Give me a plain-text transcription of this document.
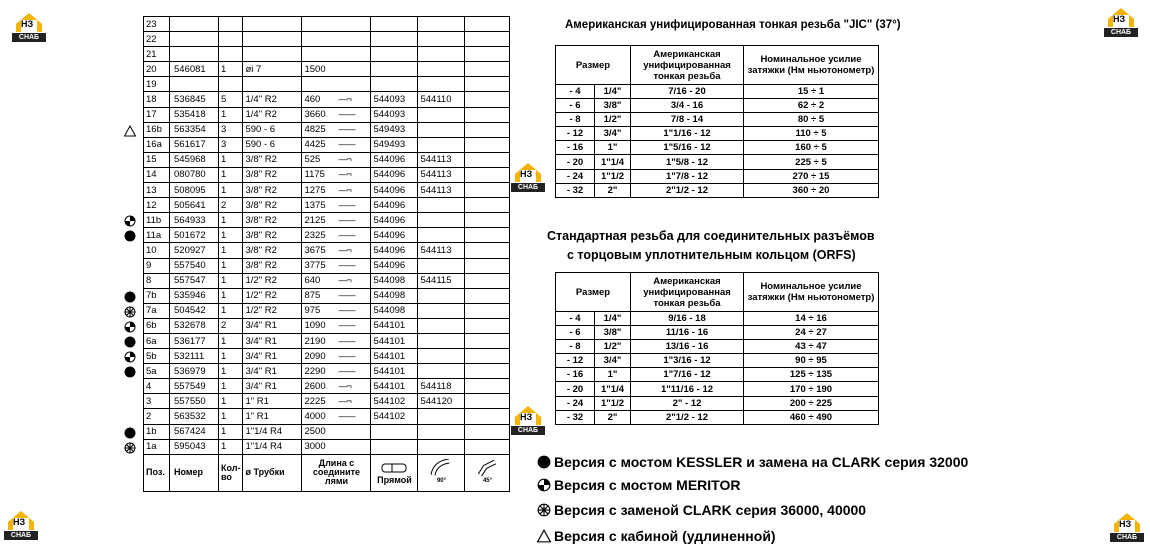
НЗ
СНАБ
НЗ
СНАБ
НЗ
СНАБ
НЗ
СНАБ
НЗ
СНАБ
НЗ
СНАБ
23							
22							
21							
20	546081	1	øi 7	1500			
19							
18	536845	5	1/4" R2	460 —¬	544093	544110	
17	535418	1	1/4" R2	3660 ——	544093		
16b	563354	3	590 - 6	4825 ——	549493		
16a	561617	3	590 - 6	4425 ——	549493		
15	545968	1	3/8" R2	525 —¬	544096	544113	
14	080780	1	3/8" R2	1175 —¬	544096	544113	
13	508095	1	3/8" R2	1275 —¬	544096	544113	
12	505641	2	3/8" R2	1375 ——	544096		
11b	564933	1	3/8" R2	2125 ——	544096		
11a	501672	1	3/8" R2	2325 ——	544096		
10	520927	1	3/8" R2	3675 —¬	544096	544113	
9	557540	1	3/8" R2	3775 ——	544096		
8	557547	1	1/2" R2	640 —¬	544098	544115	
7b	535946	1	1/2" R2	875 ——	544098		
7a	504542	1	1/2" R2	975 ——	544098		
6b	532678	2	3/4" R1	1090 ——	544101		
6a	536177	1	3/4" R1	2190 ——	544101		
5b	532111	1	3/4" R1	2090 ——	544101		
5a	536979	1	3/4" R1	2290 ——	544101		
4	557549	1	3/4" R1	2600 —¬	544101	544118	
3	557550	1	1" R1	2225 —¬	544102	544120	
2	563532	1	1" R1	4000 ——	544102		
1b	567424	1	1"1/4 R4	2500			
1a	595043	1	1"1/4 R4	3000			
Поз.	Номер	Кол-во	ø Трубки	Длина с соедините лями	Прямой	90°	45°
Американская унифицированная тонкая резьба "JIC" (37°)
Размер		Американская унифицированная тонкая резьба	Номинальное усилие затяжки (Нм ньютонометр)
- 4	1/4"	7/16 - 20	15 ÷ 1
- 6	3/8"	3/4 - 16	62 ÷ 2
- 8	1/2"	7/8 - 14	80 ÷ 5
- 12	3/4"	1"1/16 - 12	110 ÷ 5
- 16	1"	1"5/16 - 12	160 ÷ 5
- 20	1"1/4	1"5/8 - 12	225 ÷ 5
- 24	1"1/2	1"7/8 - 12	270 ÷ 15
- 32	2"	2"1/2 - 12	360 ÷ 20
Стандартная резьба для соединительных разъёмов
с торцовым уплотнительным кольцом (ORFS)
Размер		Американская унифицированная тонкая резьба	Номинальное усилие затяжки (Нм ньютонометр)
- 4	1/4"	9/16 - 18	14 ÷ 16
- 6	3/8"	11/16 - 16	24 ÷ 27
- 8	1/2"	13/16 - 16	43 ÷ 47
- 12	3/4"	1"3/16 - 12	90 ÷ 95
- 16	1"	1"7/16 - 12	125 ÷ 135
- 20	1"1/4	1"11/16 - 12	170 ÷ 190
- 24	1"1/2	2" - 12	200 ÷ 225
- 32	2"	2"1/2 - 12	460 ÷ 490
Версия с мостом KESSLER и замена на CLARK серия 32000
Версия с мостом MERITOR
Версия с заменой CLARK серия 36000, 40000
Версия с кабиной (удлиненной)
